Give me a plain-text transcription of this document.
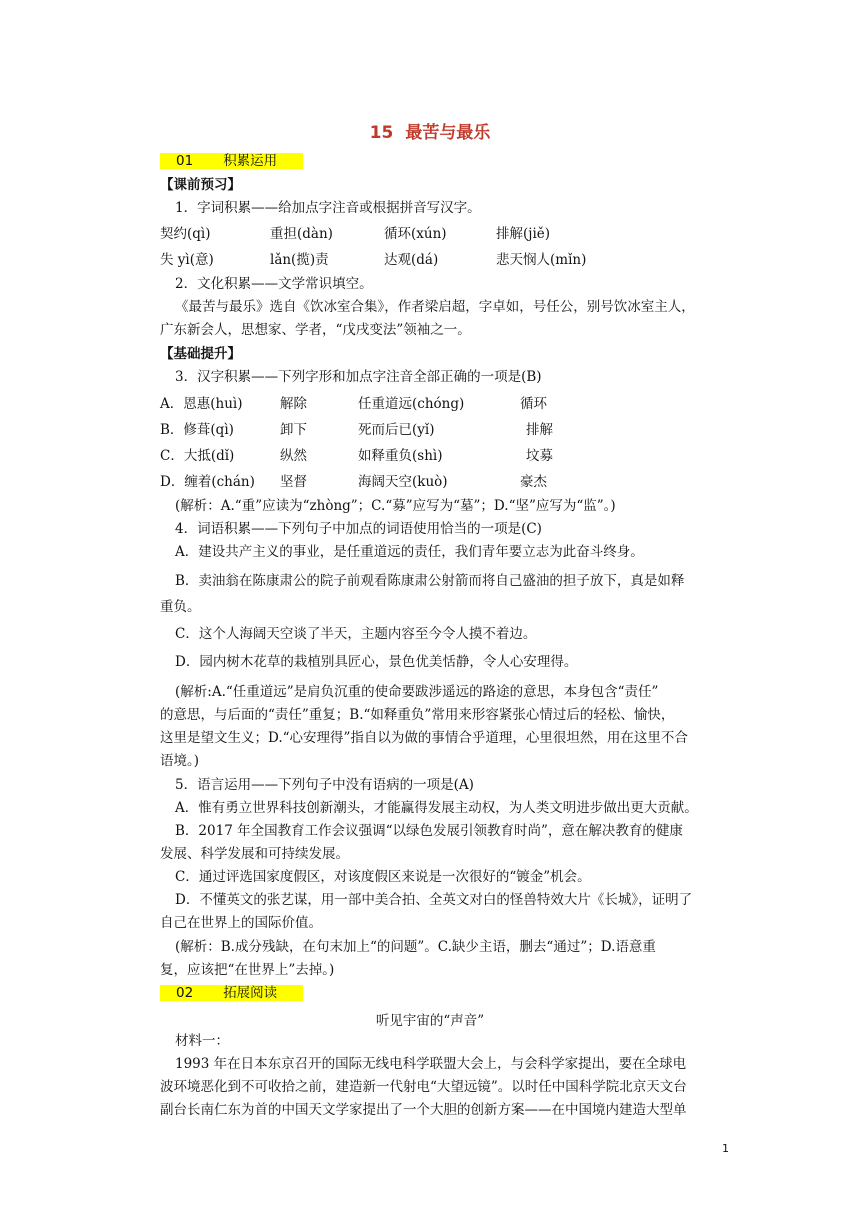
15 最苦与最乐
01 积累运用
【课前预习】
1．字词积累——给加点字注音或根据拼音写汉字。
契约(qì)	重担(dàn)	循环(xún)	排解(jiě)
失 yì(意)	lǎn(揽)责	达观(dá)	悲天悯人(mǐn)
2．文化积累——文学常识填空。
《最苦与最乐》选自《饮冰室合集》，作者梁启超，字卓如，号任公，别号饮冰室主人，
广东新会人，思想家、学者，“戊戌变法”领袖之一。
【基础提升】
3．汉字积累——下列字形和加点字注音全部正确的一项是(B)
A．恩惠(huì)	解除	任重道远(chóng)	循环
B．修葺(qì)	卸下	死而后已(yǐ)	排解
C．大抵(dǐ)	纵然	如释重负(shì)	坟募
D．缠着(chán) 坚督	海阔天空(kuò)	豪杰
(解析：A.“重”应读为“zhòng”；C.“募”应写为“墓”；D.“坚”应写为“监”。)
4．词语积累——下列句子中加点的词语使用恰当的一项是(C)
A．建设共产主义的事业，是任重道远的责任，我们青年要立志为此奋斗终身。
B．卖油翁在陈康肃公的院子前观看陈康肃公射箭而将自己盛油的担子放下，真是如释
重负。
C．这个人海阔天空谈了半天，主题内容至今令人摸不着边。
D．园内树木花草的栽植别具匠心，景色优美恬静，令人心安理得。
(解析:A.“任重道远”是肩负沉重的使命要跋涉遥远的路途的意思，本身包含“责任”
的意思，与后面的“责任”重复；B.“如释重负”常用来形容紧张心情过后的轻松、愉快，
这里是望文生义；D.“心安理得”指自以为做的事情合乎道理，心里很坦然，用在这里不合
语境。)
5．语言运用——下列句子中没有语病的一项是(A)
A．惟有勇立世界科技创新潮头，才能赢得发展主动权，为人类文明进步做出更大贡献。
B．2017 年全国教育工作会议强调“以绿色发展引领教育时尚”，意在解决教育的健康
发展、科学发展和可持续发展。
C．通过评选国家度假区，对该度假区来说是一次很好的“镀金”机会。
D．不懂英文的张艺谋，用一部中美合拍、全英文对白的怪兽特效大片《长城》，证明了
自己在世界上的国际价值。
(解析：B.成分残缺，在句末加上“的问题”。C.缺少主语，删去“通过”；D.语意重
复，应该把“在世界上”去掉。)
02 拓展阅读
听见宇宙的“声音”
材料一：
1993 年在日本东京召开的国际无线电科学联盟大会上，与会科学家提出，要在全球电
波环境恶化到不可收拾之前，建造新一代射电“大望远镜”。以时任中国科学院北京天文台
副台长南仁东为首的中国天文学家提出了一个大胆的创新方案——在中国境内建造大型单
1
